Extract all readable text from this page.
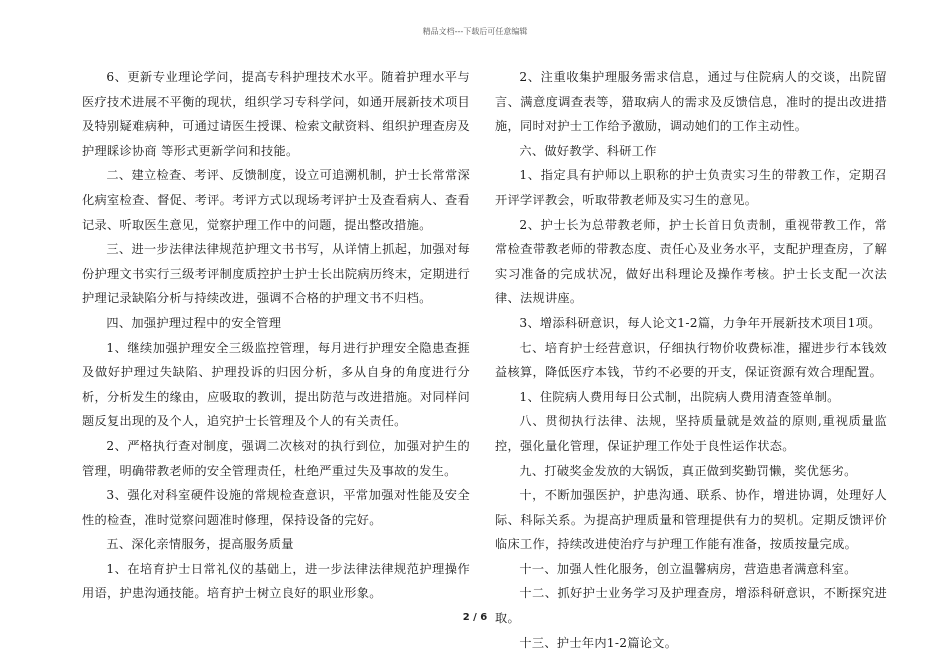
精品文档---下载后可任意编辑

6、更新专业理论学问，提高专科护理技术水平。随着护理水平与医疗技术进展不平衡的现状，组织学习专科学问，如通开展新技术项目及特别疑难病种，可通过请医生授课、检索文献资料、组织护理查房及护理睬诊协商 等形式更新学问和技能。

二、建立检查、考评、反馈制度，设立可追溯机制，护士长常常深化病室检查、督促、考评。考评方式以现场考评护士及查看病人、查看记录、听取医生意见，觉察护理工作中的问题，提出整改措施。

三、进一步法律法律规范护理文书书写，从详情上抓起，加强对每份护理文书实行三级考评制度质控护士护士长出院病历终末，定期进行护理记录缺陷分析与持续改进，强调不合格的护理文书不归档。

四、加强护理过程中的安全管理

1、继续加强护理安全三级监控管理，每月进行护理安全隐患查捱及做好护理过失缺陷、护理投诉的归因分析，多从自身的角度进行分析，分析发生的缘由，应吸取的教训，提出防范与改进措施。对同样问题反复出现的及个人，追究护士长管理及个人的有关责任。

2、严格执行查对制度，强调二次核对的执行到位，加强对护生的管理，明确带教老师的安全管理责任，杜绝严重过失及事故的发生。

3、强化对科室硬件设施的常规检查意识，平常加强对性能及安全性的检查，准时觉察问题准时修理，保持设备的完好。

五、深化亲情服务，提高服务质量

1、在培育护士日常礼仪的基础上，进一步法律法律规范护理操作用语，护患沟通技能。培育护士树立良好的职业形象。

2、注重收集护理服务需求信息，通过与住院病人的交谈，出院留言、满意度调查表等，猎取病人的需求及反馈信息，准时的提出改进措施，同时对护士工作给予激励，调动她们的工作主动性。

六、做好教学、科研工作

1、指定具有护师以上职称的护士负责实习生的带教工作，定期召开评学评教会，听取带教老师及实习生的意见。

2、护士长为总带教老师，护士长首日负责制，重视带教工作，常常检查带教老师的带教态度、责任心及业务水平，支配护理查房，了解实习准备的完成状况，做好出科理论及操作考核。护士长支配一次法律、法规讲座。

3、增添科研意识，每人论文1-2篇，力争年开展新技术项目1项。

七、培育护士经营意识，仔细执行物价收费标准，擢进步行本钱效益核算，降低医疗本钱，节约不必要的开支，保证资源有效合理配置。

1、住院病人费用每日公式制，出院病人费用清查签单制。

八、贯彻执行法律、法规，坚持质量就是效益的原则,重视质量监控，强化量化管理，保证护理工作处于良性运作状态。

九、打破奖金发放的大锅饭，真正做到奖勤罚懒，奖优惩劣。

十，不断加强医护，护患沟通、联系、协作，增进协调，处理好人际、科际关系。为提高护理质量和管理提供有力的契机。定期反馈评价临床工作，持续改进使治疗与护理工作能有准备，按质按量完成。

十一、加强人性化服务，创立温馨病房，营造患者满意科室。

十二、抓好护士业务学习及护理查房，增添科研意识，不断探究进取。

十三、护士年内1-2篇论文。

2 / 6
